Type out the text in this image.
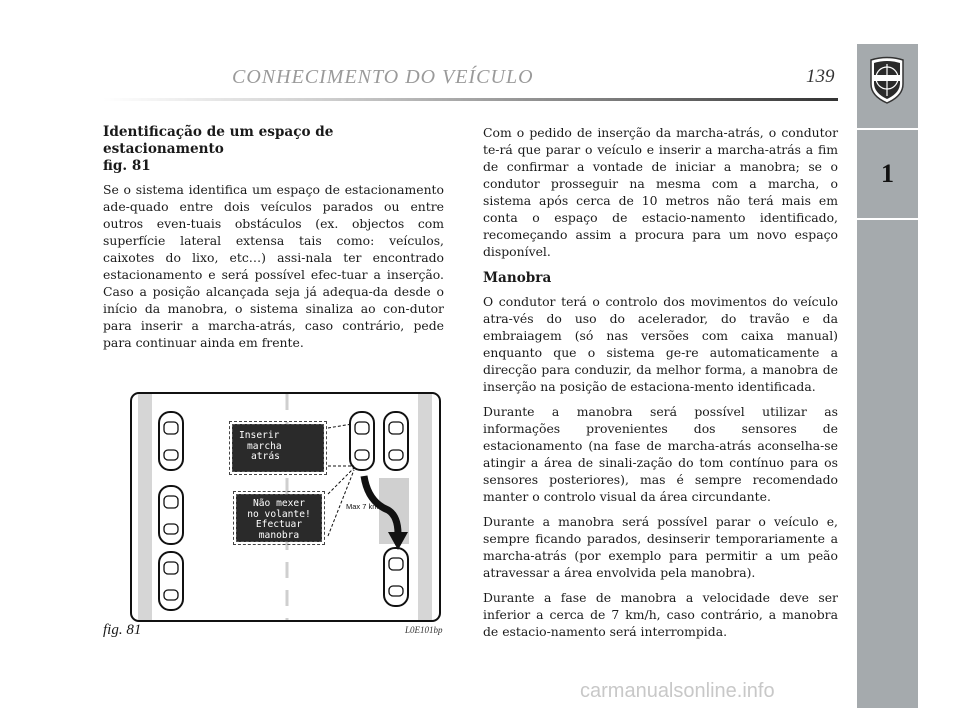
CONHECIMENTO DO VEÍCULO	139
1
Identificação de um espaço de estacionamento
fig. 81

Se o sistema identifica um espaço de estacionamento ade-quado entre dois veículos parados ou entre outros even-tuais obstáculos (ex. objectos com superfície lateral extensa tais como: veículos, caixotes do lixo, etc…) assi-nala ter encontrado estacionamento e será possível efec-tuar a inserção. Caso a posição alcançada seja já adequa-da desde o início da manobra, o sistema sinaliza ao con-dutor para inserir a marcha-atrás, caso contrário, pede para continuar ainda em frente.

Inserir
marcha
atrás
Não mexer
no volante!
Efectuar
manobra
Max 7 km/h
fig. 81	L0E101bp

Com o pedido de inserção da marcha-atrás, o condutor te-rá que parar o veículo e inserir a marcha-atrás a fim de confirmar a vontade de iniciar a manobra; se o condutor prosseguir na mesma com a marcha, o sistema após cerca de 10 metros não terá mais em conta o espaço de estacio-namento identificado, recomeçando assim a procura para um novo espaço disponível.

Manobra

O condutor terá o controlo dos movimentos do veículo atra-vés do uso do acelerador, do travão e da embraiagem (só nas versões com caixa manual) enquanto que o sistema ge-re automaticamente a direcção para conduzir, da melhor forma, a manobra de inserção na posição de estaciona-mento identificada.

Durante a manobra será possível utilizar as informações provenientes dos sensores de estacionamento (na fase de marcha-atrás aconselha-se atingir a área de sinali-zação do tom contínuo para os sensores posteriores), mas é sempre recomendado manter o controlo visual da área circundante.

Durante a manobra será possível parar o veículo e, sempre ficando parados, desinserir temporariamente a marcha-atrás (por exemplo para permitir a um peão atravessar a área envolvida pela manobra).

Durante a fase de manobra a velocidade deve ser inferior a cerca de 7 km/h, caso contrário, a manobra de estacio-namento será interrompida.

carmanualsonline.info
